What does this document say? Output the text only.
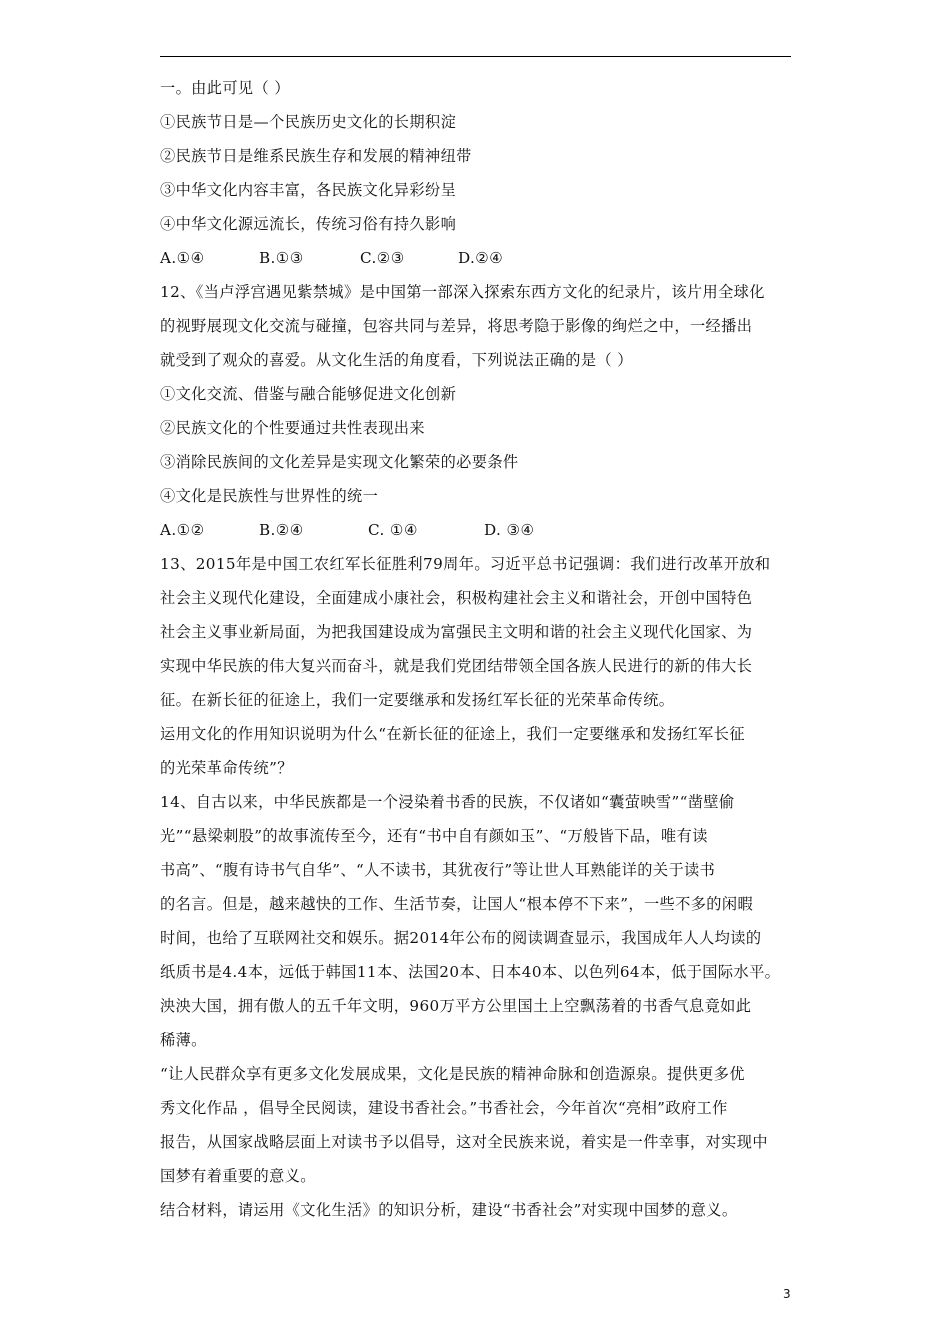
一。由此可见（ ）
①民族节日是—个民族历史文化的长期积淀
②民族节日是维系民族生存和发展的精神纽带
③中华文化内容丰富，各民族文化异彩纷呈
④中华文化源远流长，传统习俗有持久影响
A.①④	B.①③	C.②③	D.②④
12、《当卢浮宫遇见紫禁城》是中国第一部深入探索东西方文化的纪录片，该片用全球化
的视野展现文化交流与碰撞，包容共同与差异，将思考隐于影像的绚烂之中，一经播出
就受到了观众的喜爱。从文化生活的角度看，下列说法正确的是（ ）
①文化交流、借鉴与融合能够促进文化创新
②民族文化的个性要通过共性表现出来
③消除民族间的文化差异是实现文化繁荣的必要条件
④文化是民族性与世界性的统一
A.①②	B.②④	C. ①④	D. ③④
13、2015年是中国工农红军长征胜利79周年。习近平总书记强调：我们进行改革开放和
社会主义现代化建设，全面建成小康社会，积极构建社会主义和谐社会，开创中国特色
社会主义事业新局面，为把我国建设成为富强民主文明和谐的社会主义现代化国家、为
实现中华民族的伟大复兴而奋斗，就是我们党团结带领全国各族人民进行的新的伟大长
征。在新长征的征途上，我们一定要继承和发扬红军长征的光荣革命传统。
运用文化的作用知识说明为什么“在新长征的征途上，我们一定要继承和发扬红军长征
的光荣革命传统”？
14、自古以来，中华民族都是一个浸染着书香的民族，不仅诸如“囊萤映雪”“凿壁偷
光”“悬梁刺股”的故事流传至今，还有“书中自有颜如玉”、“万般皆下品，唯有读
书高”、“腹有诗书气自华”、“人不读书，其犹夜行”等让世人耳熟能详的关于读书
的名言。但是，越来越快的工作、生活节奏，让国人“根本停不下来”，一些不多的闲暇
时间，也给了互联网社交和娱乐。据2014年公布的阅读调查显示，我国成年人人均读的
纸质书是4.4本，远低于韩国11本、法国20本、日本40本、以色列64本，低于国际水平。
泱泱大国，拥有傲人的五千年文明，960万平方公里国土上空飘荡着的书香气息竟如此
稀薄。
“让人民群众享有更多文化发展成果，文化是民族的精神命脉和创造源泉。提供更多优
秀文化作品 ，倡导全民阅读，建设书香社会。”书香社会，今年首次“亮相”政府工作
报告，从国家战略层面上对读书予以倡导，这对全民族来说，着实是一件幸事，对实现中
国梦有着重要的意义。
结合材料，请运用《文化生活》的知识分析，建设“书香社会”对实现中国梦的意义。
3
